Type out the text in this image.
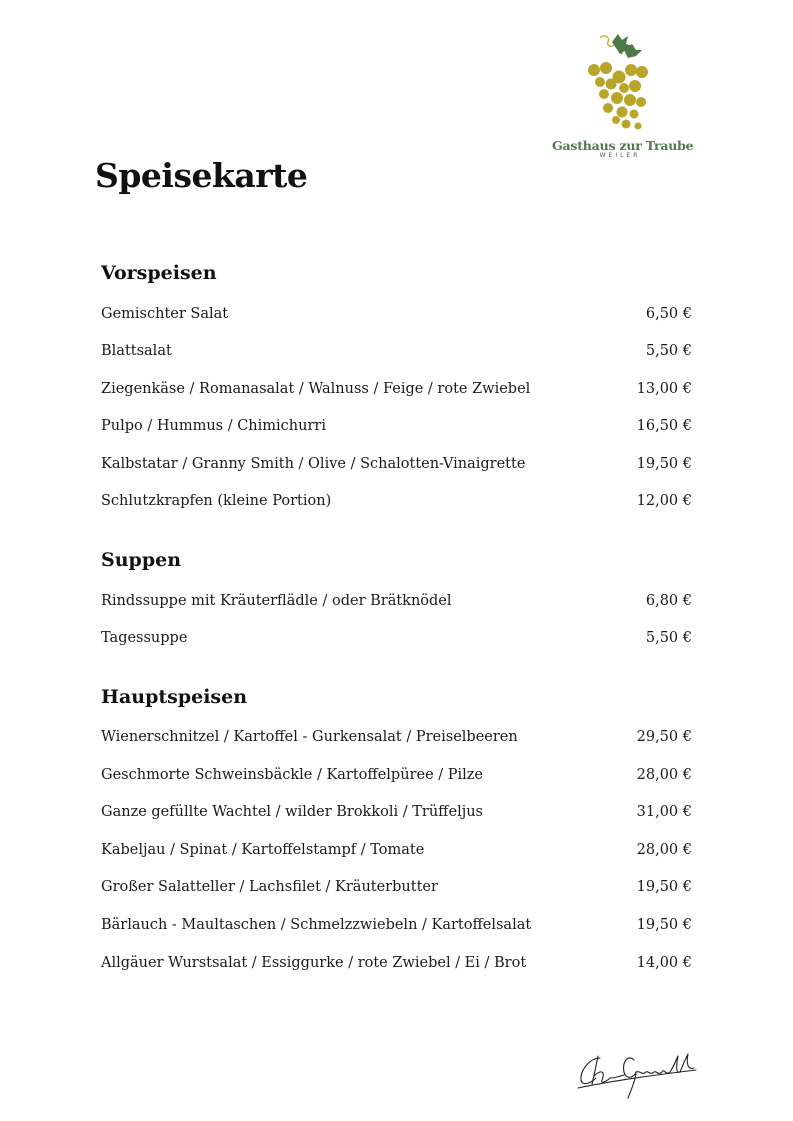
Gasthaus zur Traube
WEILER
Speisekarte
Vorspeisen
Gemischter Salat	6,50 €
Blattsalat	5,50 €
Ziegenkäse / Romanasalat / Walnuss / Feige / rote Zwiebel	13,00 €
Pulpo / Hummus / Chimichurri	16,50 €
Kalbstatar / Granny Smith / Olive / Schalotten-Vinaigrette	19,50 €
Schlutzkrapfen (kleine Portion)	12,00 €
Suppen
Rindssuppe mit Kräuterflädle / oder Brätknödel	6,80 €
Tagessuppe	5,50 €
Hauptspeisen
Wienerschnitzel / Kartoffel - Gurkensalat / Preiselbeeren	29,50 €
Geschmorte Schweinsbäckle / Kartoffelpüree / Pilze	28,00 €
Ganze gefüllte Wachtel / wilder Brokkoli / Trüffeljus	31,00 €
Kabeljau / Spinat / Kartoffelstampf / Tomate	28,00 €
Großer Salatteller / Lachsfilet / Kräuterbutter	19,50 €
Bärlauch - Maultaschen / Schmelzzwiebeln / Kartoffelsalat	19,50 €
Allgäuer Wurstsalat / Essiggurke / rote Zwiebel / Ei / Brot	14,00 €
